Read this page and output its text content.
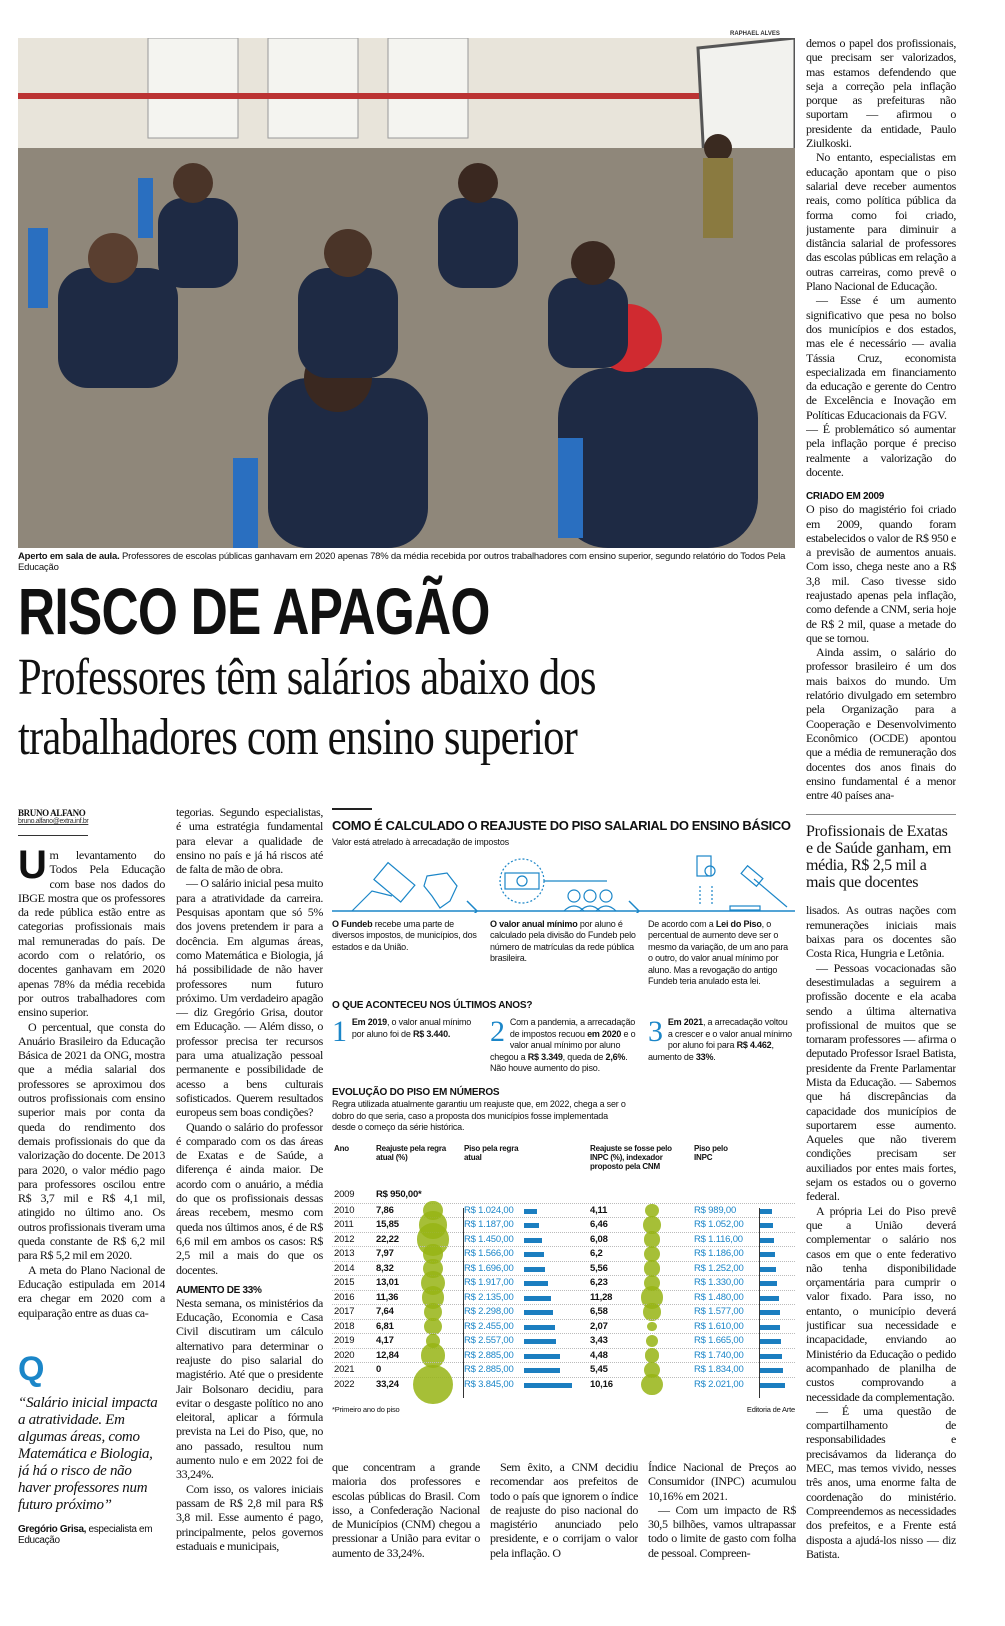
RAPHAEL ALVES
Aperto em sala de aula. Professores de escolas públicas ganhavam em 2020 apenas 78% da média recebida por outros trabalhadores com ensino superior, segundo relatório do Todos Pela Educação
RISCO DE APAGÃO
Professores têm salários abaixo dos
trabalhadores com ensino superior
BRUNO ALFANO
bruno.alfano@extra.inf.br

Um levantamento do Todos Pela Educação com base nos dados do IBGE mostra que os professores da rede pública estão entre as categorias profissionais mais mal remuneradas do país. De acordo com o relatório, os docentes ganhavam em 2020 apenas 78% da média recebida por outros trabalhadores com ensino superior.

O percentual, que consta do Anuário Brasileiro da Educação Básica de 2021 da ONG, mostra que a média salarial dos professores se aproximou dos outros profissionais com ensino superior mais por conta da queda do rendimento dos demais profissionais do que da valorização do docente. De 2013 para 2020, o valor médio pago para professores oscilou entre R$ 3,7 mil e R$ 4,1 mil, atingido no último ano. Os outros profissionais tiveram uma queda constante de R$ 6,2 mil para R$ 5,2 mil em 2020.

A meta do Plano Nacional de Educação estipulada em 2014 era chegar em 2020 com a equiparação entre as duas ca-

Q
“Salário inicial impacta a atratividade. Em algumas áreas, como Matemática e Biologia, já há o risco de não haver professores num futuro próximo”
Gregório Grisa, especialista em Educação

tegorias. Segundo especialistas, é uma estratégia fundamental para elevar a qualidade de ensino no país e já há riscos até de falta de mão de obra.

— O salário inicial pesa muito para a atratividade da carreira. Pesquisas apontam que só 5% dos jovens pretendem ir para a docência. Em algumas áreas, como Matemática e Biologia, já há possibilidade de não haver professores num futuro próximo. Um verdadeiro apagão — diz Gregório Grisa, doutor em Educação. — Além disso, o professor precisa ter recursos para uma atualização pessoal permanente e possibilidade de acesso a bens culturais sofisticados. Querem resultados europeus sem boas condições?

Quando o salário do professor é comparado com os das áreas de Exatas e de Saúde, a diferença é ainda maior. De acordo com o anuário, a média do que os profissionais dessas áreas recebem, mesmo com queda nos últimos anos, é de R$ 6,6 mil em ambos os casos: R$ 2,5 mil a mais do que os docentes.

AUMENTO DE 33%

Nesta semana, os ministérios da Educação, Economia e Casa Civil discutiram um cálculo alternativo para determinar o reajuste do piso salarial do magistério. Até que o presidente Jair Bolsonaro decidiu, para evitar o desgaste político no ano eleitoral, aplicar a fórmula prevista na Lei do Piso, que, no ano passado, resultou num aumento nulo e em 2022 foi de 33,24%.

Com isso, os valores iniciais passam de R$ 2,8 mil para R$ 3,8 mil. Esse aumento é pago, principalmente, pelos governos estaduais e municipais,

COMO É CALCULADO O REAJUSTE DO PISO SALARIAL DO ENSINO BÁSICO
Valor está atrelado à arrecadação de impostos
O Fundeb recebe uma parte de diversos impostos, de municípios, dos estados e da União.
O valor anual mínimo por aluno é calculado pela divisão do Fundeb pelo número de matrículas da rede pública brasileira.
De acordo com a Lei do Piso, o percentual de aumento deve ser o mesmo da variação, de um ano para o outro, do valor anual mínimo por aluno. Mas a revogação do antigo Fundeb teria anulado esta lei.
O QUE ACONTECEU NOS ÚLTIMOS ANOS?
1 Em 2019, o valor anual mínimo por aluno foi de R$ 3.440.	2 Com a pandemia, a arrecadação de impostos recuou em 2020 e o valor anual mínimo por aluno chegou a R$ 3.349, queda de 2,6%. Não houve aumento do piso.
3 Em 2021, a arrecadação voltou a crescer e o valor anual mínimo por aluno foi para R$ 4.462, aumento de 33%.
EVOLUÇÃO DO PISO EM NÚMEROS
Regra utilizada atualmente garantiu um reajuste que, em 2022, chega a ser o dobro do que seria, caso a proposta dos municípios fosse implementada desde o começo da série histórica.
Ano	Reajuste pela regra atual (%)
Piso pela regra atual
Reajuste se fosse pelo INPC (%), indexador proposto pela CNM
Piso pelo INPC
2009 R$ 950,00*
2010 7,86	R$ 1.024,00	4,11	R$ 989,00
2011 15,85	R$ 1.187,00	6,46	R$ 1.052,00
2012 22,22	R$ 1.450,00	6,08	R$ 1.116,00
2013 7,97	R$ 1.566,00	6,2	R$ 1.186,00
2014 8,32	R$ 1.696,00	5,56	R$ 1.252,00
2015 13,01	R$ 1.917,00	6,23	R$ 1.330,00
2016 11,36	R$ 2.135,00	11,28	R$ 1.480,00
2017 7,64	R$ 2.298,00	6,58	R$ 1.577,00
2018 6,81	R$ 2.455,00	2,07	R$ 1.610,00
2019 4,17	R$ 2.557,00	3,43	R$ 1.665,00
2020 12,84	R$ 2.885,00	4,48	R$ 1.740,00
2021 0	R$ 2.885,00	5,45	R$ 1.834,00
2022 33,24	R$ 3.845,00	10,16	R$ 2.021,00
*Primeiro ano do piso	Editoria de Arte

que concentram a grande maioria dos professores e escolas públicas do Brasil. Com isso, a Confederação Nacional de Municípios (CNM) chegou a pressionar a União para evitar o aumento de 33,24%.

Sem êxito, a CNM decidiu recomendar aos prefeitos de todo o país que ignorem o índice de reajuste do piso nacional do magistério anunciado pelo presidente, e o corrijam o valor pela inflação. O

Índice Nacional de Preços ao Consumidor (INPC) acumulou 10,16% em 2021.

— Com um impacto de R$ 30,5 bilhões, vamos ultrapassar todo o limite de gasto com folha de pessoal. Compreen-

demos o papel dos profissionais, que precisam ser valorizados, mas estamos defendendo que seja a correção pela inflação porque as prefeituras não suportam — afirmou o presidente da entidade, Paulo Ziulkoski.

No entanto, especialistas em educação apontam que o piso salarial deve receber aumentos reais, como política pública da forma como foi criado, justamente para diminuir a distância salarial de professores das escolas públicas em relação a outras carreiras, como prevê o Plano Nacional de Educação.

— Esse é um aumento significativo que pesa no bolso dos municípios e dos estados, mas ele é necessário — avalia Tássia Cruz, economista especializada em financiamento da educação e gerente do Centro de Excelência e Inovação em Políticas Educacionais da FGV.

— É problemático só aumentar pela inflação porque é preciso realmente a valorização do docente.

CRIADO EM 2009

O piso do magistério foi criado em 2009, quando foram estabelecidos o valor de R$ 950 e a previsão de aumentos anuais. Com isso, chega neste ano a R$ 3,8 mil. Caso tivesse sido reajustado apenas pela inflação, como defende a CNM, seria hoje de R$ 2 mil, quase a metade do que se tornou.

Ainda assim, o salário do professor brasileiro é um dos mais baixos do mundo. Um relatório divulgado em setembro pela Organização para a Cooperação e Desenvolvimento Econômico (OCDE) apontou que a média de remuneração dos docentes dos anos finais do ensino fundamental é a menor entre 40 países ana-

Profissionais de Exatas e de Saúde ganham, em média, R$ 2,5 mil a mais que docentes

lisados. As outras nações com remunerações iniciais mais baixas para os docentes são Costa Rica, Hungria e Letônia.

— Pessoas vocacionadas são desestimuladas a seguirem a profissão docente e ela acaba sendo a última alternativa profissional de muitos que se tornaram professores — afirma o deputado Professor Israel Batista, presidente da Frente Parlamentar Mista da Educação. — Sabemos que há discrepâncias da capacidade dos municípios de suportarem esse aumento. Aqueles que não tiverem condições precisam ser auxiliados por entes mais fortes, sejam os estados ou o governo federal.

A própria Lei do Piso prevê que a União deverá complementar o salário nos casos em que o ente federativo não tenha disponibilidade orçamentária para cumprir o valor fixado. Para isso, no entanto, o município deverá justificar sua necessidade e incapacidade, enviando ao Ministério da Educação o pedido acompanhado de planilha de custos comprovando a necessidade da complementação.

— É uma questão de compartilhamento de responsabilidades e precisávamos da liderança do MEC, mas temos vivido, nesses três anos, uma enorme falta de coordenação do ministério. Compreendemos as necessidades dos prefeitos, e a Frente está disposta a ajudá-los nisso — diz Batista.
